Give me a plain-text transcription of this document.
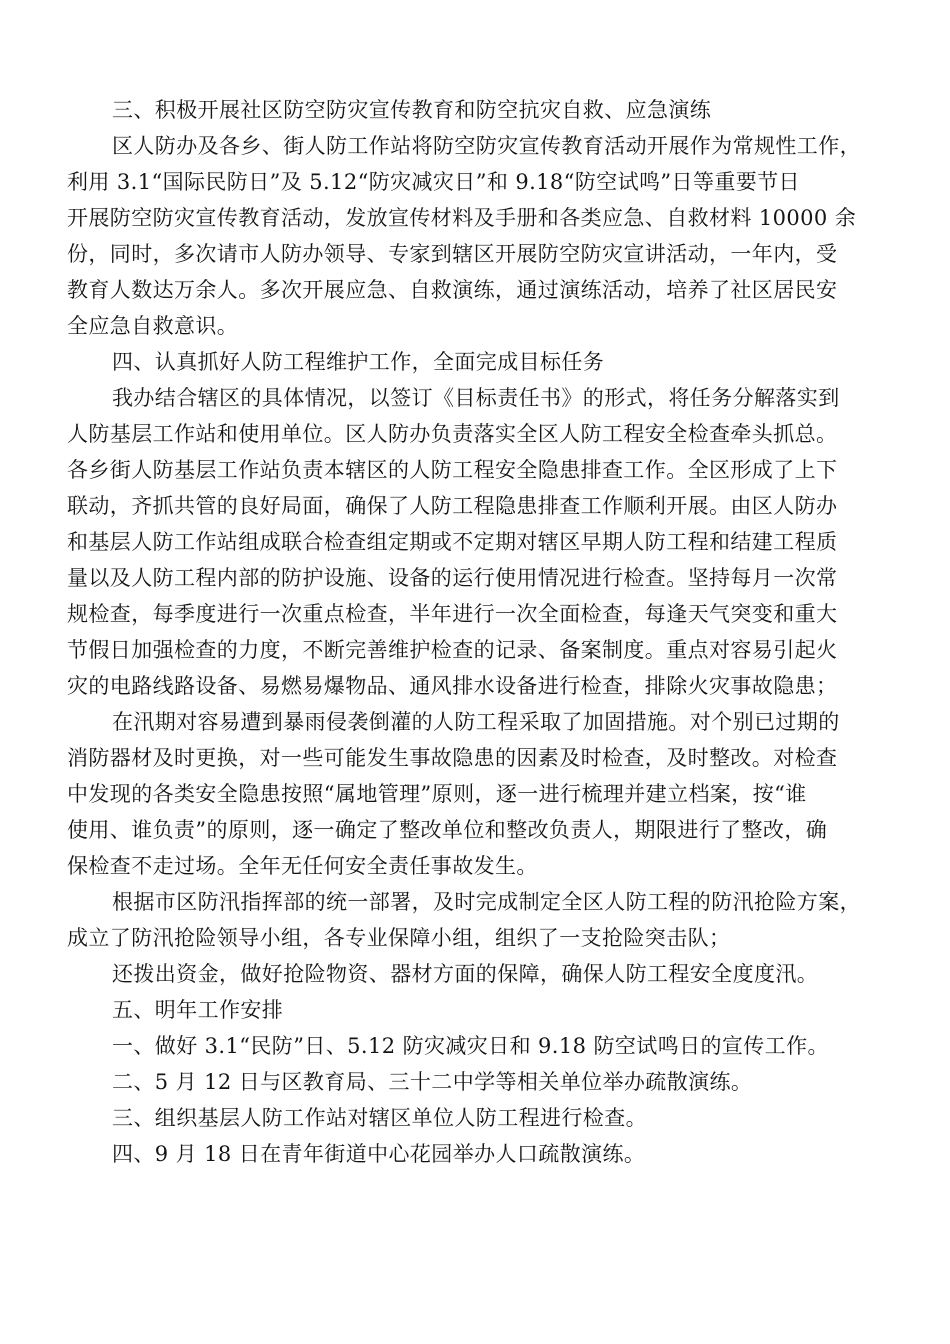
三、积极开展社区防空防灾宣传教育和防空抗灾自救、应急演练

区人防办及各乡、街人防工作站将防空防灾宣传教育活动开展作为常规性工作，

利用 3.1“国际民防日”及 5.12“防灾减灾日”和 9.18“防空试鸣”日等重要节日

开展防空防灾宣传教育活动，发放宣传材料及手册和各类应急、自救材料 10000 余

份，同时，多次请市人防办领导、专家到辖区开展防空防灾宣讲活动，一年内，受

教育人数达万余人。多次开展应急、自救演练，通过演练活动，培养了社区居民安

全应急自救意识。

四、认真抓好人防工程维护工作，全面完成目标任务

我办结合辖区的具体情况，以签订《目标责任书》的形式，将任务分解落实到

人防基层工作站和使用单位。区人防办负责落实全区人防工程安全检查牵头抓总。

各乡街人防基层工作站负责本辖区的人防工程安全隐患排查工作。全区形成了上下

联动，齐抓共管的良好局面，确保了人防工程隐患排查工作顺利开展。由区人防办

和基层人防工作站组成联合检查组定期或不定期对辖区早期人防工程和结建工程质

量以及人防工程内部的防护设施、设备的运行使用情况进行检查。坚持每月一次常

规检查，每季度进行一次重点检查，半年进行一次全面检查，每逢天气突变和重大

节假日加强检查的力度，不断完善维护检查的记录、备案制度。重点对容易引起火

灾的电路线路设备、易燃易爆物品、通风排水设备进行检查，排除火灾事故隐患；

在汛期对容易遭到暴雨侵袭倒灌的人防工程采取了加固措施。对个别已过期的

消防器材及时更换，对一些可能发生事故隐患的因素及时检查，及时整改。对检查

中发现的各类安全隐患按照“属地管理”原则，逐一进行梳理并建立档案，按“谁

使用、谁负责”的原则，逐一确定了整改单位和整改负责人，期限进行了整改，确

保检查不走过场。全年无任何安全责任事故发生。

根据市区防汛指挥部的统一部署，及时完成制定全区人防工程的防汛抢险方案，

成立了防汛抢险领导小组，各专业保障小组，组织了一支抢险突击队；

还拨出资金，做好抢险物资、器材方面的保障，确保人防工程安全度度汛。

五、明年工作安排

一、做好 3.1“民防”日、5.12 防灾减灾日和 9.18 防空试鸣日的宣传工作。

二、5 月 12 日与区教育局、三十二中学等相关单位举办疏散演练。

三、组织基层人防工作站对辖区单位人防工程进行检查。

四、9 月 18 日在青年街道中心花园举办人口疏散演练。
